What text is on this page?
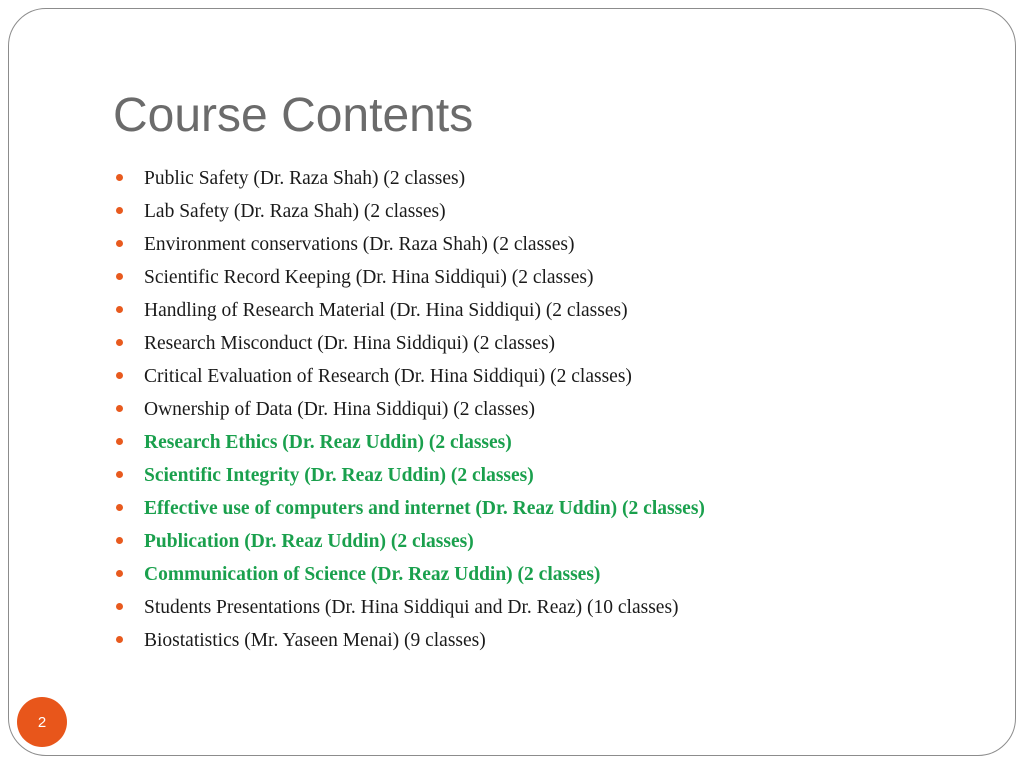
Course Contents
Public Safety (Dr. Raza Shah) (2 classes)
Lab Safety (Dr. Raza Shah) (2 classes)
Environment conservations (Dr. Raza Shah) (2 classes)
Scientific Record Keeping (Dr. Hina Siddiqui) (2 classes)
Handling of Research Material (Dr. Hina Siddiqui) (2 classes)
Research Misconduct (Dr. Hina Siddiqui) (2 classes)
Critical Evaluation of Research (Dr. Hina Siddiqui) (2 classes)
Ownership of Data (Dr. Hina Siddiqui) (2 classes)
Research Ethics (Dr. Reaz Uddin) (2 classes)
Scientific Integrity (Dr. Reaz Uddin) (2 classes)
Effective use of computers and internet (Dr. Reaz Uddin) (2 classes)
Publication (Dr. Reaz Uddin) (2 classes)
Communication of Science (Dr. Reaz Uddin) (2 classes)
Students Presentations (Dr. Hina Siddiqui and Dr. Reaz) (10 classes)
Biostatistics (Mr. Yaseen Menai) (9 classes)
2
